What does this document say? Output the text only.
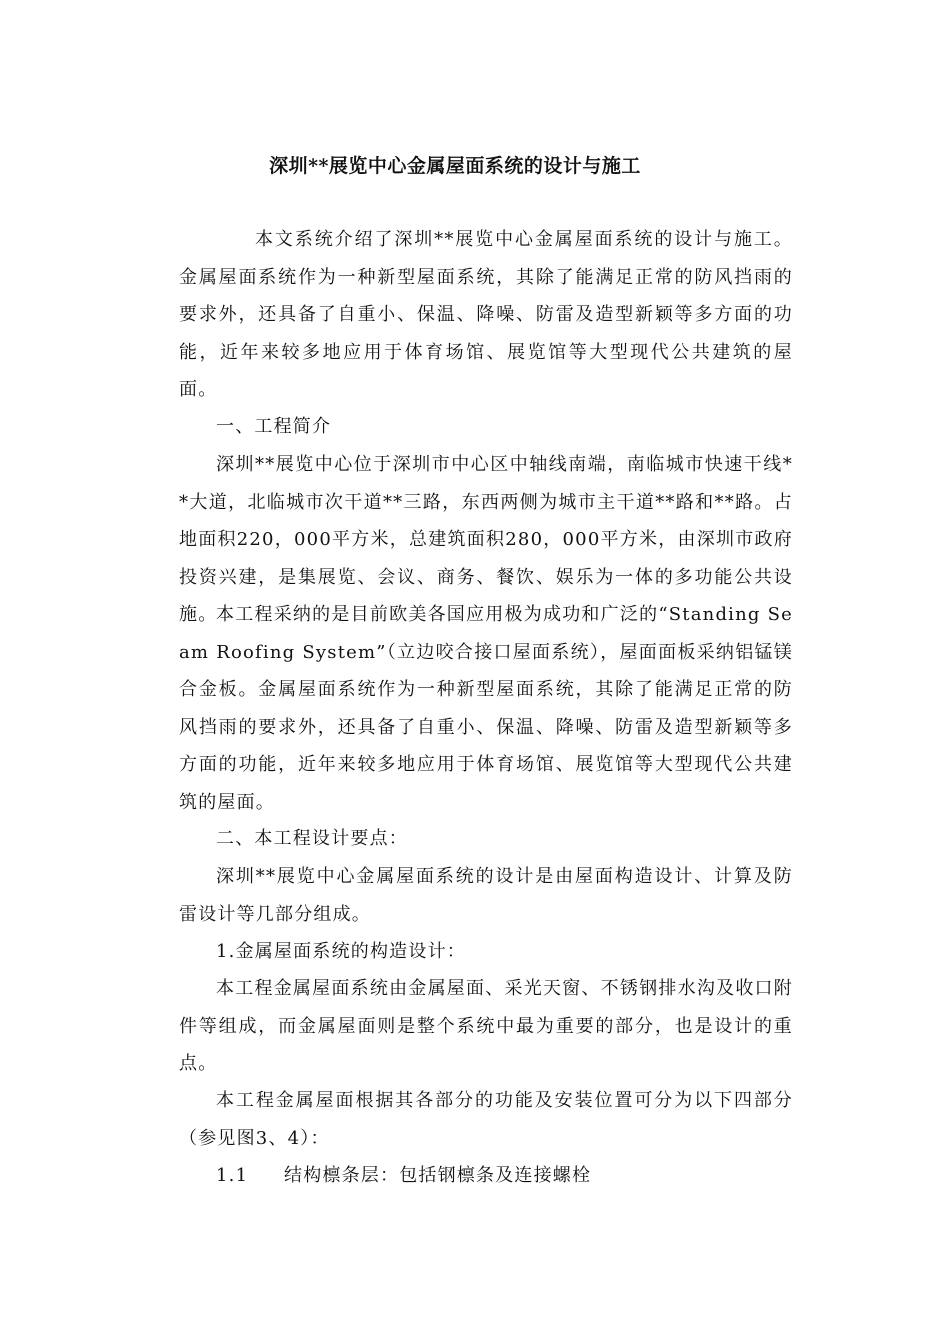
深圳**展览中心金属屋面系统的设计与施工
本文系统介绍了深圳**展览中心金属屋面系统的设计与施工。金属屋面系统作为一种新型屋面系统，其除了能满足正常的防风挡雨的要求外，还具备了自重小、保温、降噪、防雷及造型新颖等多方面的功能，近年来较多地应用于体育场馆、展览馆等大型现代公共建筑的屋面。
一、工程简介
深圳**展览中心位于深圳市中心区中轴线南端，南临城市快速干线**大道，北临城市次干道**三路，东西两侧为城市主干道**路和**路。占地面积220，000平方米，总建筑面积280，000平方米，由深圳市政府投资兴建，是集展览、会议、商务、餐饮、娱乐为一体的多功能公共设施。
本工程采纳的是目前欧美各国应用极为成功和广泛的“Standing Seam Roofing System”（立边咬合接口屋面系统），屋面面板采纳铝锰镁合金板。金属屋面系统作为一种新型屋面系统，其除了能满足正常的防风挡雨的要求外，还具备了自重小、保温、降噪、防雷及造型新颖等多方面的功能，近年来较多地应用于体育场馆、展览馆等大型现代公共建筑的屋面。
二、本工程设计要点：
深圳**展览中心金属屋面系统的设计是由屋面构造设计、计算及防雷设计等几部分组成。
1.金属屋面系统的构造设计：
本工程金属屋面系统由金属屋面、采光天窗、不锈钢排水沟及收口附件等组成，而金属屋面则是整个系统中最为重要的部分，也是设计的重点。
本工程金属屋面根据其各部分的功能及安装位置可分为以下四部分（参见图3、4）：
1.1 结构檩条层：包括钢檩条及连接螺栓
